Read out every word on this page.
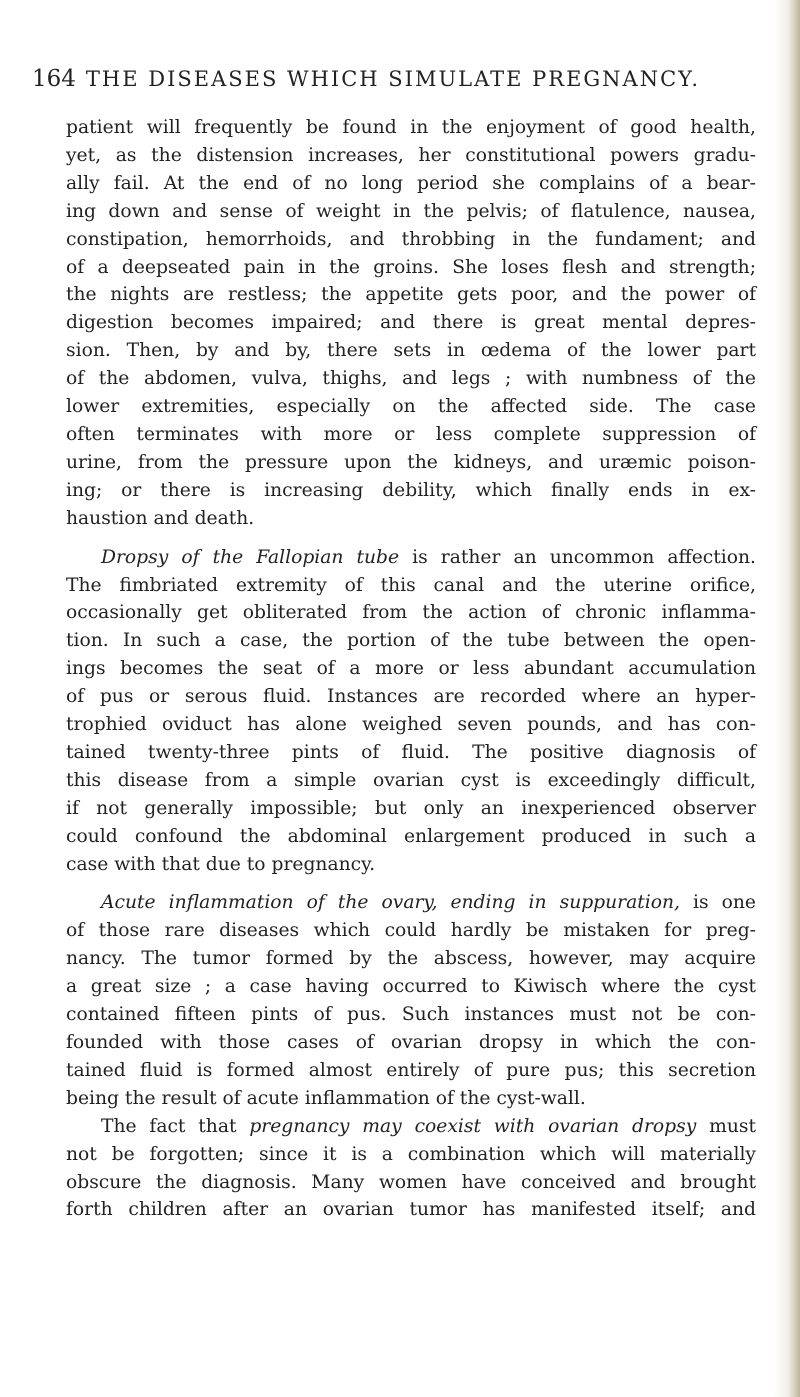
164 THE DISEASES WHICH SIMULATE PREGNANCY.

patient will frequently be found in the enjoyment of good health,
yet, as the distension increases, her constitutional powers gradu-
ally fail. At the end of no long period she complains of a bear-
ing down and sense of weight in the pelvis; of flatulence, nausea,
constipation, hemorrhoids, and throbbing in the fundament; and
of a deepseated pain in the groins. She loses flesh and strength;
the nights are restless; the appetite gets poor, and the power of
digestion becomes impaired; and there is great mental depres-
sion. Then, by and by, there sets in œdema of the lower part
of the abdomen, vulva, thighs, and legs ; with numbness of the
lower extremities, especially on the affected side. The case
often terminates with more or less complete suppression of
urine, from the pressure upon the kidneys, and uræmic poison-
ing; or there is increasing debility, which finally ends in ex-
haustion and death.

Dropsy of the Fallopian tube is rather an uncommon affection.
The fimbriated extremity of this canal and the uterine orifice,
occasionally get obliterated from the action of chronic inflamma-
tion. In such a case, the portion of the tube between the open-
ings becomes the seat of a more or less abundant accumulation
of pus or serous fluid. Instances are recorded where an hyper-
trophied oviduct has alone weighed seven pounds, and has con-
tained twenty-three pints of fluid. The positive diagnosis of
this disease from a simple ovarian cyst is exceedingly difficult,
if not generally impossible; but only an inexperienced observer
could confound the abdominal enlargement produced in such a
case with that due to pregnancy.

Acute inflammation of the ovary, ending in suppuration, is one
of those rare diseases which could hardly be mistaken for preg-
nancy. The tumor formed by the abscess, however, may acquire
a great size ; a case having occurred to Kiwisch where the cyst
contained fifteen pints of pus. Such instances must not be con-
founded with those cases of ovarian dropsy in which the con-
tained fluid is formed almost entirely of pure pus; this secretion
being the result of acute inflammation of the cyst-wall.

The fact that pregnancy may coexist with ovarian dropsy must
not be forgotten; since it is a combination which will materially
obscure the diagnosis. Many women have conceived and brought
forth children after an ovarian tumor has manifested itself; and
